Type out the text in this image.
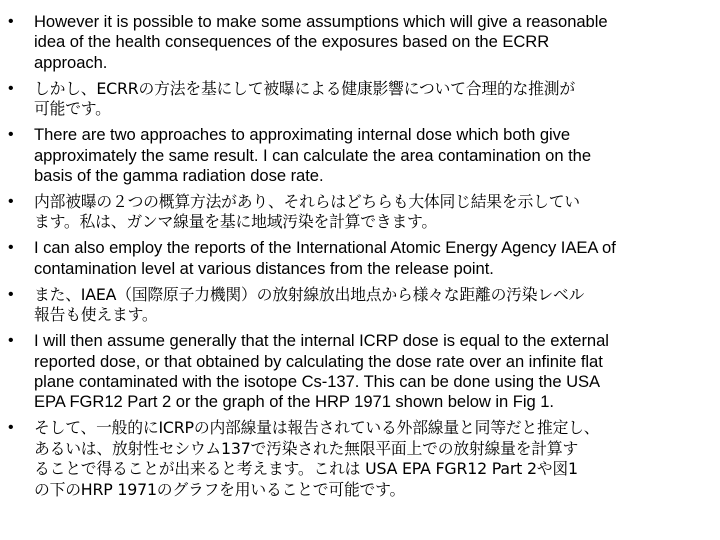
•	However it is possible to make some assumptions which will give a reasonable
idea of the health consequences of the exposures based on the ECRR
approach.
•	しかし、ECRRの方法を基にして被曝による健康影響について合理的な推測が
可能です。
•	There are two approaches to approximating internal dose which both give
approximately the same result. I can calculate the area contamination on the
basis of the gamma radiation dose rate.
•	内部被曝の２つの概算方法があり、それらはどちらも大体同じ結果を示してい
ます。私は、ガンマ線量を基に地域汚染を計算できます。
•	I can also employ the reports of the International Atomic Energy Agency IAEA of
contamination level at various distances from the release point.
•	また、IAEA（国際原子力機関）の放射線放出地点から様々な距離の汚染レベル
報告も使えます。
•	I will then assume generally that the internal ICRP dose is equal to the external
reported dose, or that obtained by calculating the dose rate over an infinite flat
plane contaminated with the isotope Cs-137. This can be done using the USA
EPA FGR12 Part 2 or the graph of the HRP 1971 shown below in Fig 1.
•	そして、一般的にICRPの内部線量は報告されている外部線量と同等だと推定し、
あるいは、放射性セシウム137で汚染された無限平面上での放射線量を計算す
ることで得ることが出来ると考えます。これは USA EPA FGR12 Part 2や図1
の下のHRP 1971のグラフを用いることで可能です。
